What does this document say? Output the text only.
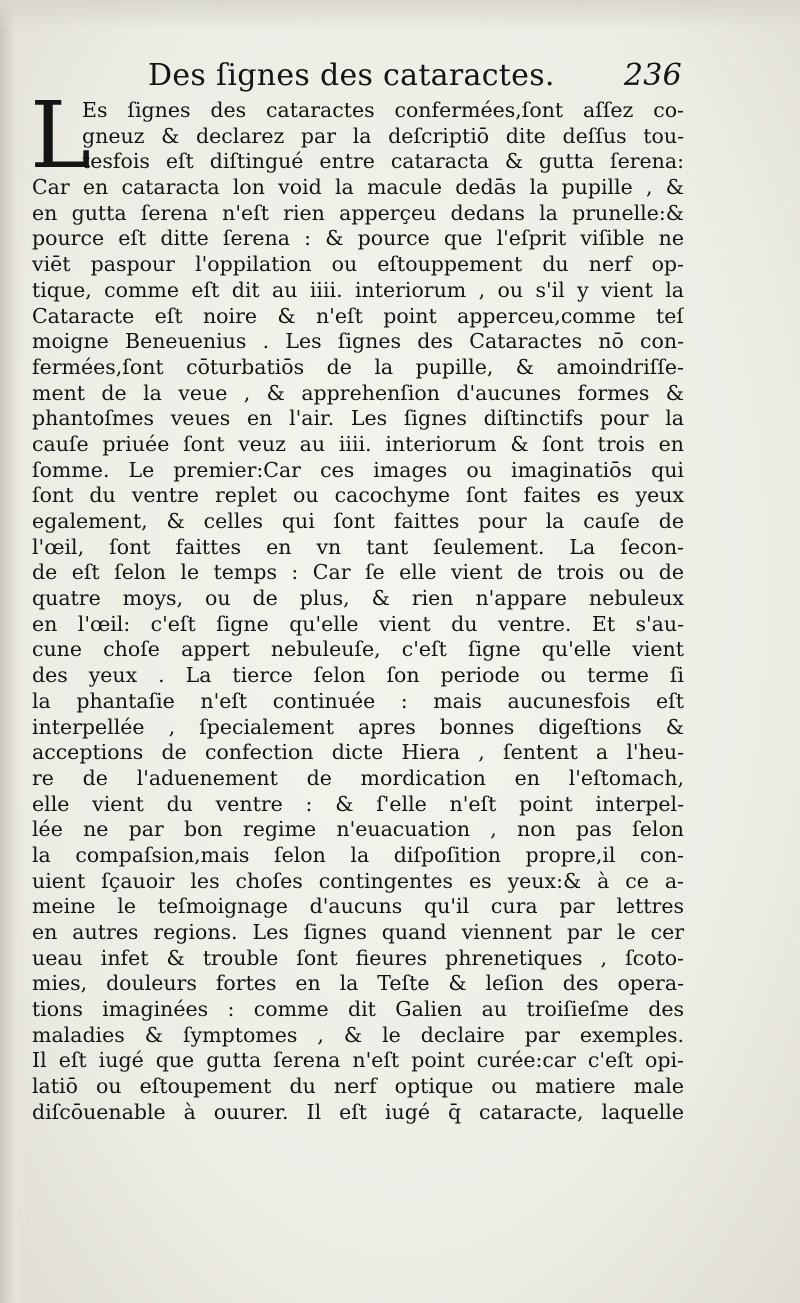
Des ſignes des cataractes. 236
L
Es ſignes des cataractes confermées,ſont aſſez co-
gneuz & declarez par la deſcriptiō dite deſſus tou-
tesfois eſt diſtingué entre cataracta & gutta ſerena:
Car en cataracta lon void la macule dedās la pupille , &
en gutta ſerena n'eſt rien apperçeu dedans la prunelle:&
pource eſt ditte ſerena : & pource que l'eſprit viſible ne
viēt paspour l'oppilation ou eſtouppement du nerf op-
tique, comme eſt dit au iiii. interiorum , ou s'il y vient la
Cataracte eſt noire & n'eſt point apperceu,comme teſ
moigne Beneuenius . Les ſignes des Cataractes nō con-
fermées,ſont cōturbatiōs de la pupille, & amoindriſſe-
ment de la veue , & apprehenſion d'aucunes formes &
phantoſmes veues en l'air. Les ſignes diſtinctifs pour la
cauſe priuée ſont veuz au iiii. interiorum & ſont trois en
ſomme. Le premier:Car ces images ou imaginatiōs qui
ſont du ventre replet ou cacochyme ſont faites es yeux
egalement, & celles qui ſont faittes pour la cauſe de
l'œil, ſont faittes en vn tant ſeulement. La ſecon-
de eſt ſelon le temps : Car ſe elle vient de trois ou de
quatre moys, ou de plus, & rien n'appare nebuleux
en l'œil: c'eſt ſigne qu'elle vient du ventre. Et s'au-
cune choſe appert nebuleuſe, c'eſt ſigne qu'elle vient
des yeux . La tierce ſelon ſon periode ou terme ſi
la phantaſie n'eſt continuée : mais aucunesfois eſt
interpellée , ſpecialement apres bonnes digeſtions &
acceptions de confection dicte Hiera , ſentent a l'heu-
re de l'aduenement de mordication en l'eſtomach,
elle vient du ventre : & ſ'elle n'eſt point interpel-
lée ne par bon regime n'euacuation , non pas ſelon
la compaſsion,mais ſelon la diſpoſition propre,il con-
uient ſçauoir les choſes contingentes es yeux:& à ce a-
meine le teſmoignage d'aucuns qu'il cura par lettres
en autres regions. Les ſignes quand viennent par le cer
ueau infet & trouble ſont fieures phrenetiques , ſcoto-
mies, douleurs fortes en la Teſte & leſion des opera-
tions imaginées : comme dit Galien au troiſieſme des
maladies & ſymptomes , & le declaire par exemples.
Il eſt iugé que gutta ſerena n'eſt point curée:car c'eſt opi-
latiō ou eſtoupement du nerf optique ou matiere male
diſcōuenable à ouurer. Il eſt iugé q̄ cataracte, laquelle
